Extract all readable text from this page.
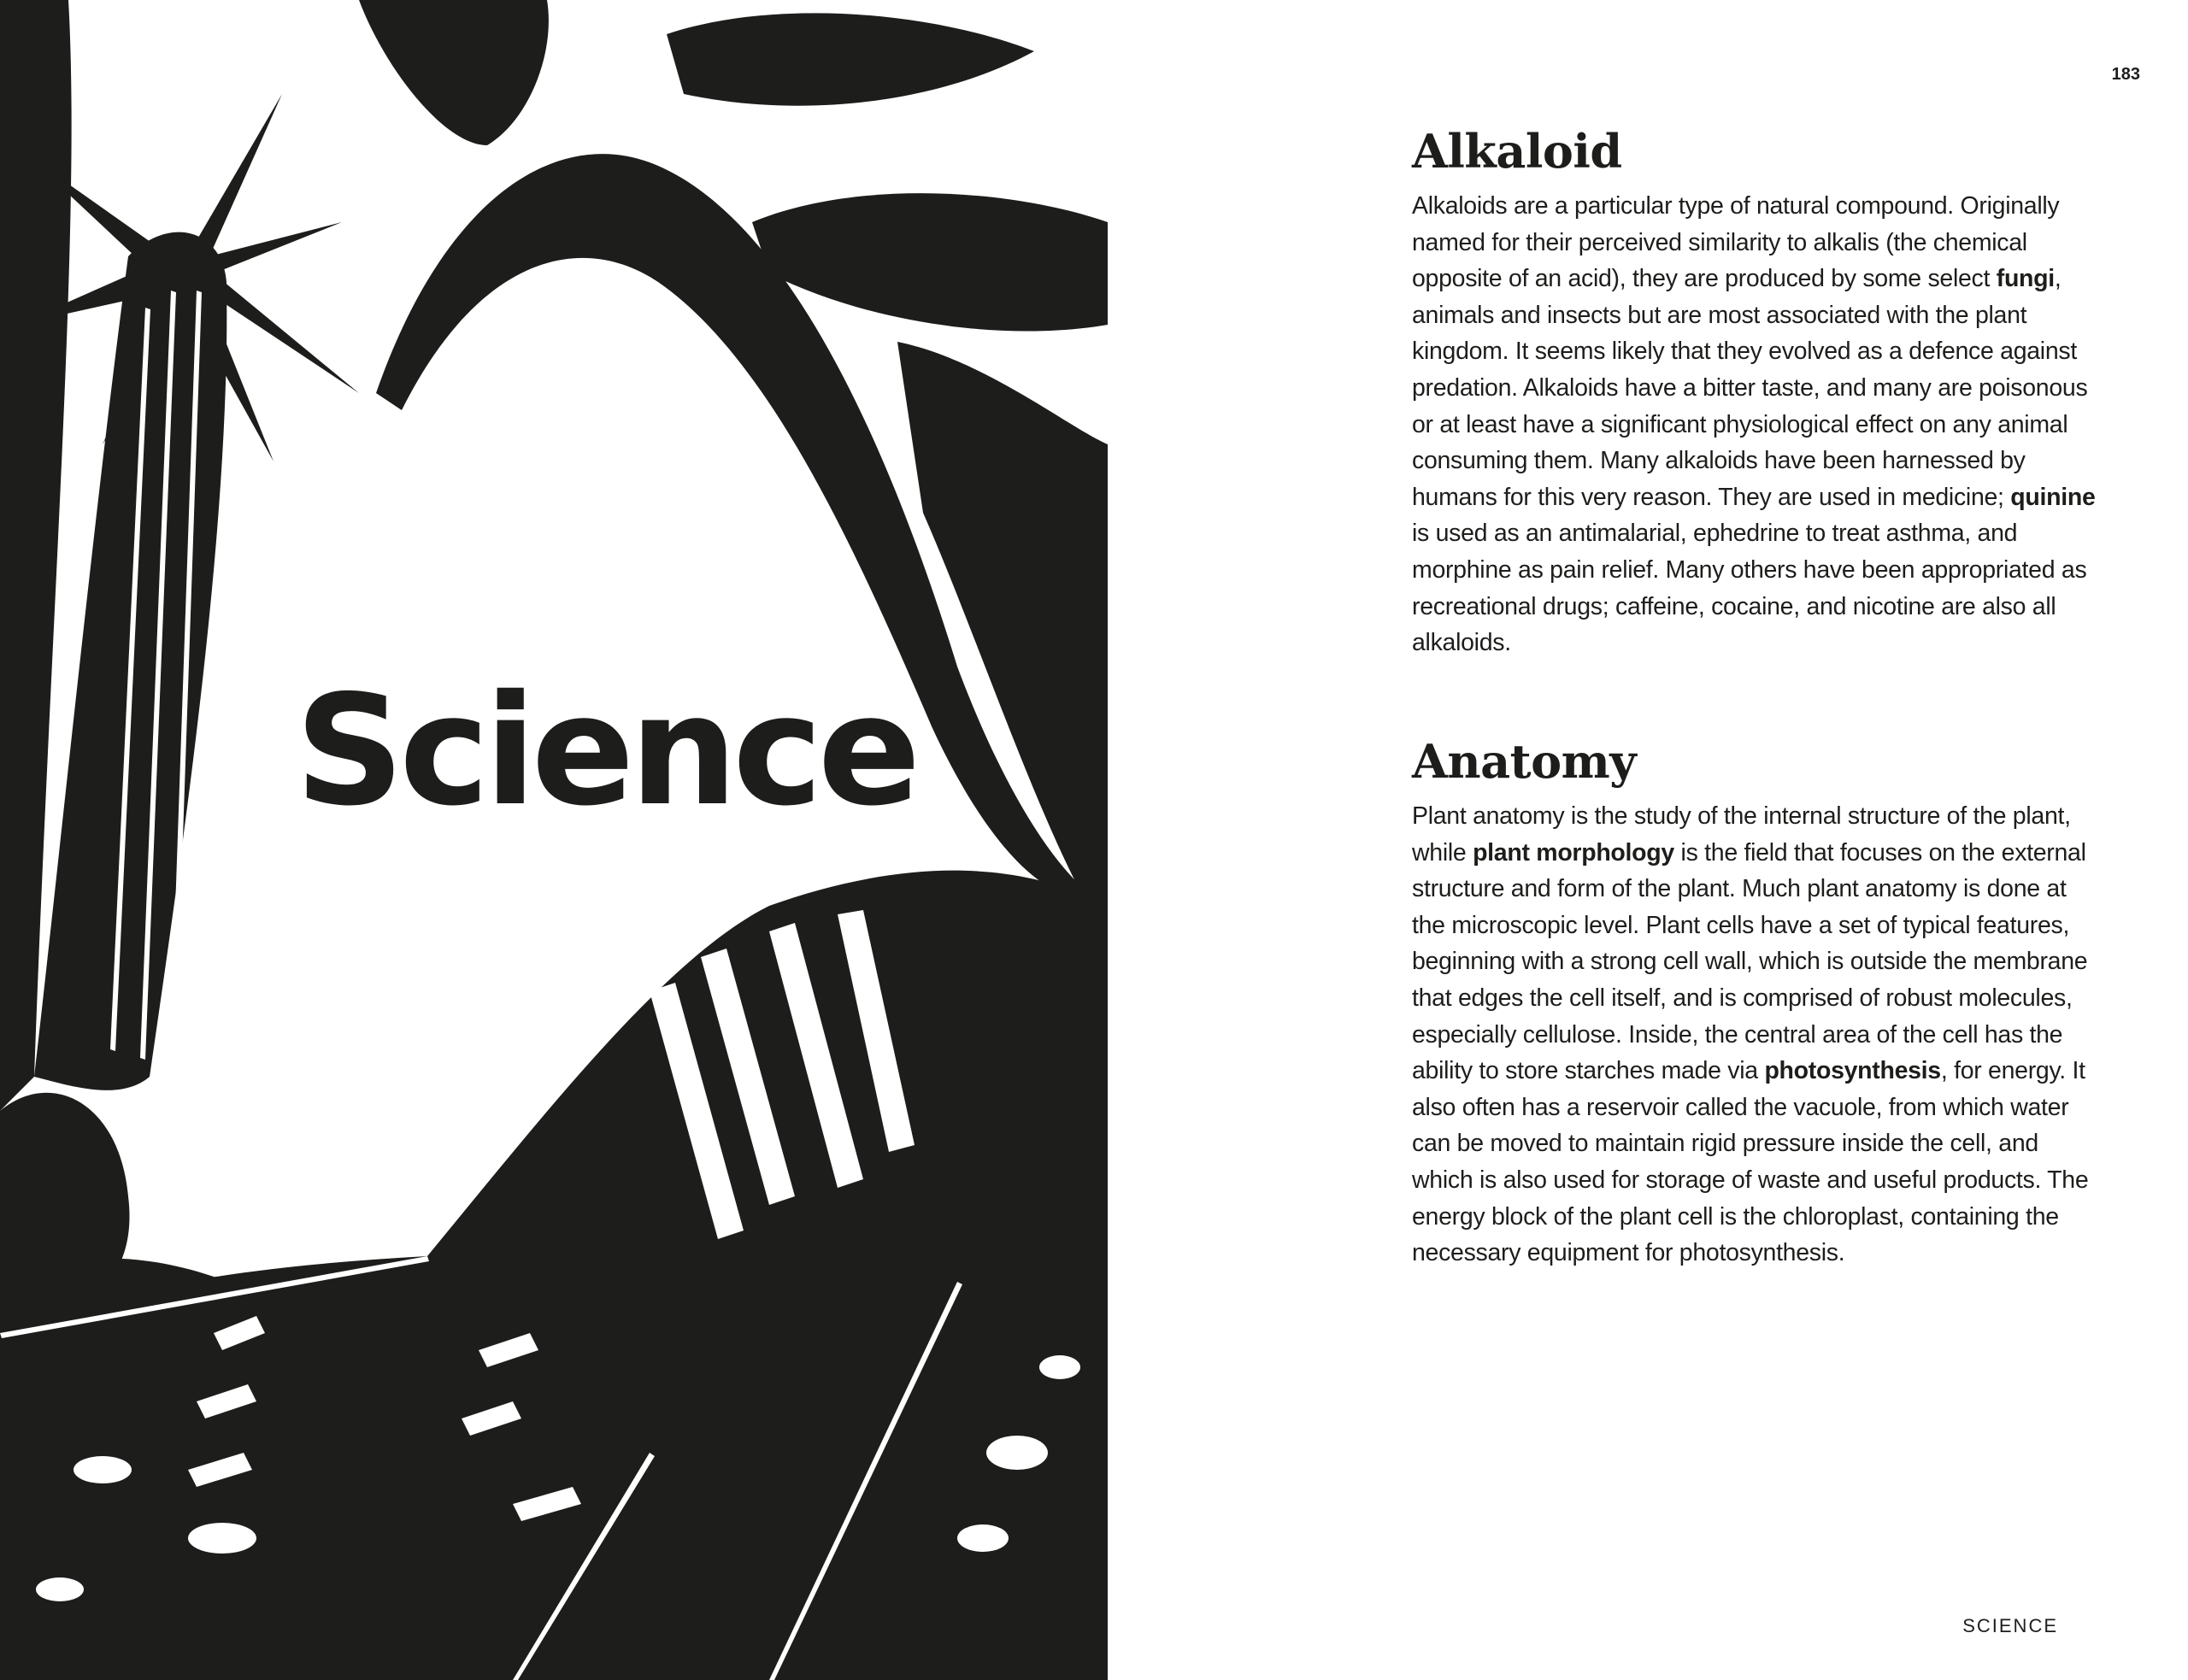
Science
183
Alkaloid

Alkaloids are a particular type of natural compound. Originally named for their perceived similarity to alkalis (the chemical opposite of an acid), they are produced by some select fungi, animals and insects but are most associated with the plant kingdom. It seems likely that they evolved as a defence against predation. Alkaloids have a bitter taste, and many are poisonous or at least have a significant physiological effect on any animal consuming them. Many alkaloids have been harnessed by humans for this very reason. They are used in medicine; quinine is used as an antimalarial, ephedrine to treat asthma, and morphine as pain relief. Many others have been appropriated as recreational drugs; caffeine, cocaine, and nicotine are also all alkaloids.

Anatomy

Plant anatomy is the study of the internal structure of the plant, while plant morphology is the field that focuses on the external structure and form of the plant. Much plant anatomy is done at the microscopic level. Plant cells have a set of typical features, beginning with a strong cell wall, which is outside the membrane that edges the cell itself, and is comprised of robust molecules, especially cellulose. Inside, the central area of the cell has the ability to store starches made via photosynthesis, for energy. It also often has a reservoir called the vacuole, from which water can be moved to maintain rigid pressure inside the cell, and which is also used for storage of waste and useful products. The energy block of the plant cell is the chloroplast, containing the necessary equipment for photosynthesis.

SCIENCE
